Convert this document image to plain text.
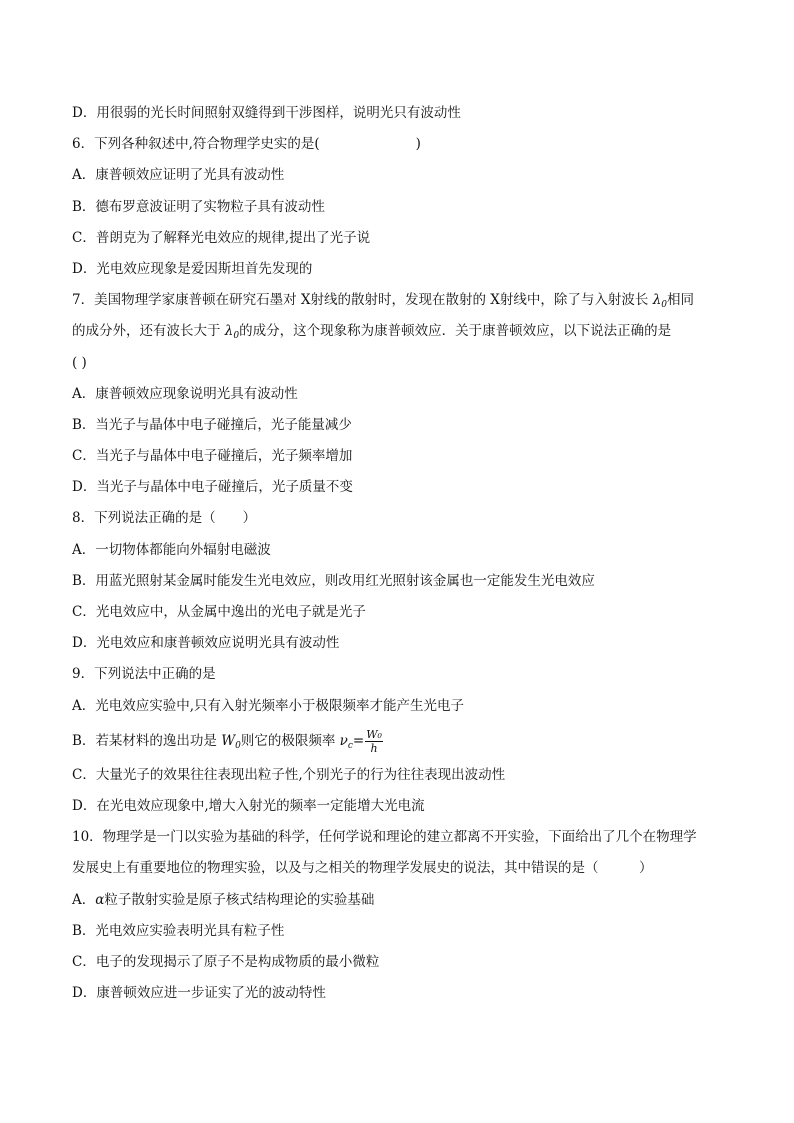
D．用很弱的光长时间照射双缝得到干涉图样，说明光只有波动性
6．下列各种叙述中,符合物理学史实的是(	)
A．康普顿效应证明了光具有波动性
B．德布罗意波证明了实物粒子具有波动性
C．普朗克为了解释光电效应的规律,提出了光子说
D．光电效应现象是爱因斯坦首先发现的
7．美国物理学家康普顿在研究石墨对 X射线的散射时，发现在散射的 X射线中，除了与入射波长 $\lambda_0$相同
的成分外，还有波长大于 $\lambda_0$的成分，这个现象称为康普顿效应．关于康普顿效应，以下说法正确的是
( )
A．康普顿效应现象说明光具有波动性
B．当光子与晶体中电子碰撞后，光子能量减少
C．当光子与晶体中电子碰撞后，光子频率增加
D．当光子与晶体中电子碰撞后，光子质量不变
8．下列说法正确的是（　　）
A．一切物体都能向外辐射电磁波
B．用蓝光照射某金属时能发生光电效应，则改用红光照射该金属也一定能发生光电效应
C．光电效应中，从金属中逸出的光电子就是光子
D．光电效应和康普顿效应说明光具有波动性
9．下列说法中正确的是
A．光电效应实验中,只有入射光频率小于极限频率才能产生光电子
B．若某材料的逸出功是 $W_0$则它的极限频率 $\nu_c= \frac{\text{W₀}}{h}$
C．大量光子的效果往往表现出粒子性,个别光子的行为往往表现出波动性
D．在光电效应现象中,增大入射光的频率一定能增大光电流
10．物理学是一门以实验为基础的科学，任何学说和理论的建立都离不开实验，下面给出了几个在物理学
发展史上有重要地位的物理实验，以及与之相关的物理学发展史的说法，其中错误的是（　　　）
A．α粒子散射实验是原子核式结构理论的实验基础
B．光电效应实验表明光具有粒子性
C．电子的发现揭示了原子不是构成物质的最小微粒
D．康普顿效应进一步证实了光的波动特性
